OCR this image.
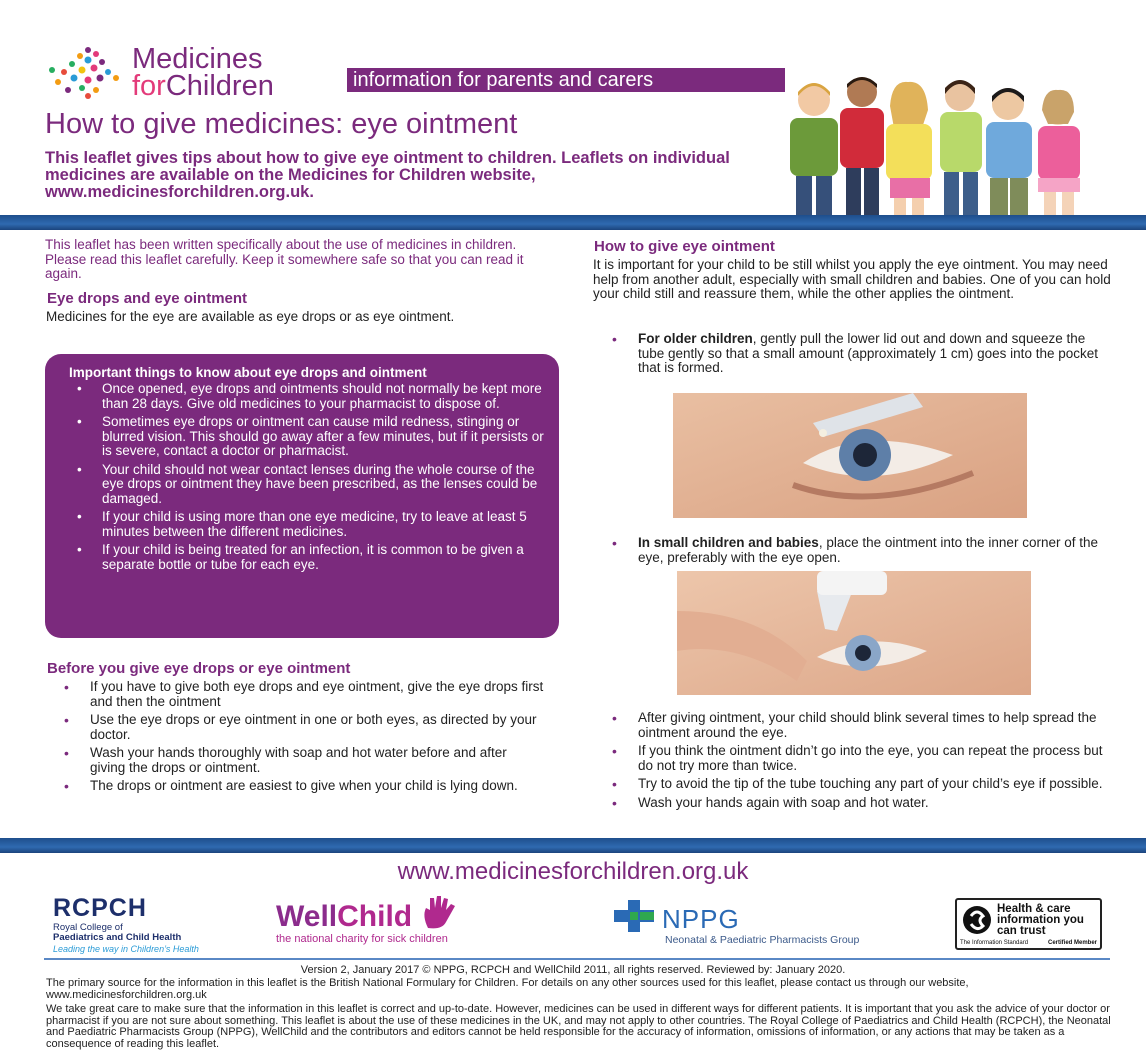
Medicines
forChildren	information for parents and carers
How to give medicines: eye ointment
This leaflet gives tips about how to give eye ointment to children. Leaflets on individual medicines are available on the Medicines for Children website, www.medicinesforchildren.org.uk.
This leaflet has been written specifically about the use of medicines in children. Please read this leaflet carefully. Keep it somewhere safe so that you can read it again.
Eye drops and eye ointment
Medicines for the eye are available as eye drops or as eye ointment.
Important things to know about eye drops and ointment
• Once opened, eye drops and ointments should not normally be kept more than 28 days. Give old medicines to your pharmacist to dispose of.
• Sometimes eye drops or ointment can cause mild redness, stinging or blurred vision. This should go away after a few minutes, but if it persists or is severe, contact a doctor or pharmacist.
• Your child should not wear contact lenses during the whole course of the eye drops or ointment they have been prescribed, as the lenses could be damaged.
• If your child is using more than one eye medicine, try to leave at least 5 minutes between the different medicines.
• If your child is being treated for an infection, it is common to be given a separate bottle or tube for each eye.
Before you give eye drops or eye ointment
• If you have to give both eye drops and eye ointment, give the eye drops first and then the ointment
• Use the eye drops or eye ointment in one or both eyes, as directed by your doctor.
• Wash your hands thoroughly with soap and hot water before and after giving the drops or ointment.
• The drops or ointment are easiest to give when your child is lying down.
How to give eye ointment
It is important for your child to be still whilst you apply the eye ointment. You may need help from another adult, especially with small children and babies. One of you can hold your child still and reassure them, while the other applies the ointment.
• For older children, gently pull the lower lid out and down and squeeze the tube gently so that a small amount (approximately 1 cm) goes into the pocket that is formed.
• In small children and babies, place the ointment into the inner corner of the eye, preferably with the eye open.
• After giving ointment, your child should blink several times to help spread the ointment around the eye.
• If you think the ointment didn’t go into the eye, you can repeat the process but do not try more than twice.
• Try to avoid the tip of the tube touching any part of your child’s eye if possible.
• Wash your hands again with soap and hot water.
www.medicinesforchildren.org.uk
RCPCH
Royal College of
Paediatrics and Child Health
Leading the way in Children’s Health
WellChild
the national charity for sick children
NPPG
Neonatal & Paediatric Pharmacists Group
Health & care information you can trust
The Information Standard	Certified Member
Version 2, January 2017 © NPPG, RCPCH and WellChild 2011, all rights reserved. Reviewed by: January 2020.
The primary source for the information in this leaflet is the British National Formulary for Children. For details on any other sources used for this leaflet, please contact us through our website, www.medicinesforchildren.org.uk
We take great care to make sure that the information in this leaflet is correct and up-to-date. However, medicines can be used in different ways for different patients. It is important that you ask the advice of your doctor or pharmacist if you are not sure about something. This leaflet is about the use of these medicines in the UK, and may not apply to other countries. The Royal College of Paediatrics and Child Health (RCPCH), the Neonatal and Paediatric Pharmacists Group (NPPG), WellChild and the contributors and editors cannot be held responsible for the accuracy of information, omissions of information, or any actions that may be taken as a consequence of reading this leaflet.
